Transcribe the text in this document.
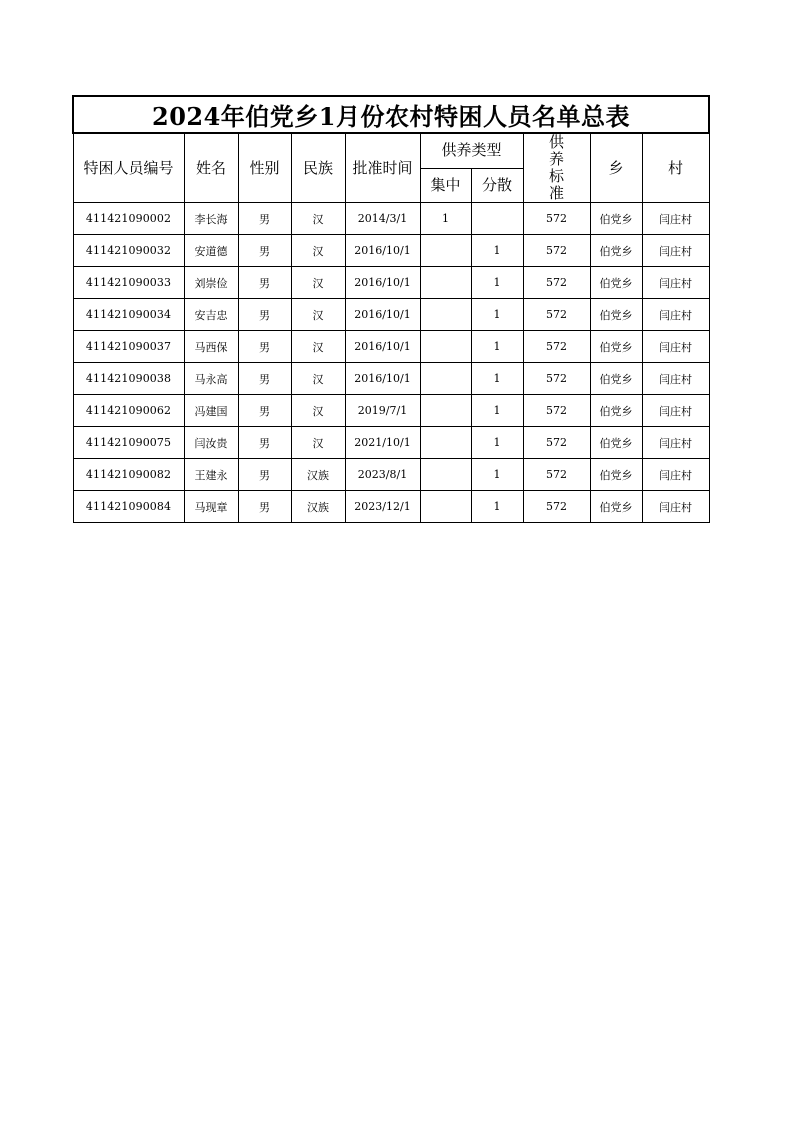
2024年伯党乡1月份农村特困人员名单总表									
特困人员编号	姓名	性别	民族	批准时间	供养类型		供养标准	乡	村
					集中	分散			
411421090002	李长海	男	汉	2014/3/1	1		572	伯党乡	闫庄村
411421090032	安道德	男	汉	2016/10/1		1	572	伯党乡	闫庄村
411421090033	刘崇俭	男	汉	2016/10/1		1	572	伯党乡	闫庄村
411421090034	安吉忠	男	汉	2016/10/1		1	572	伯党乡	闫庄村
411421090037	马西保	男	汉	2016/10/1		1	572	伯党乡	闫庄村
411421090038	马永高	男	汉	2016/10/1		1	572	伯党乡	闫庄村
411421090062	冯建国	男	汉	2019/7/1		1	572	伯党乡	闫庄村
411421090075	闫汝贵	男	汉	2021/10/1		1	572	伯党乡	闫庄村
411421090082	王建永	男	汉族	2023/8/1		1	572	伯党乡	闫庄村
411421090084	马现章	男	汉族	2023/12/1		1	572	伯党乡	闫庄村
